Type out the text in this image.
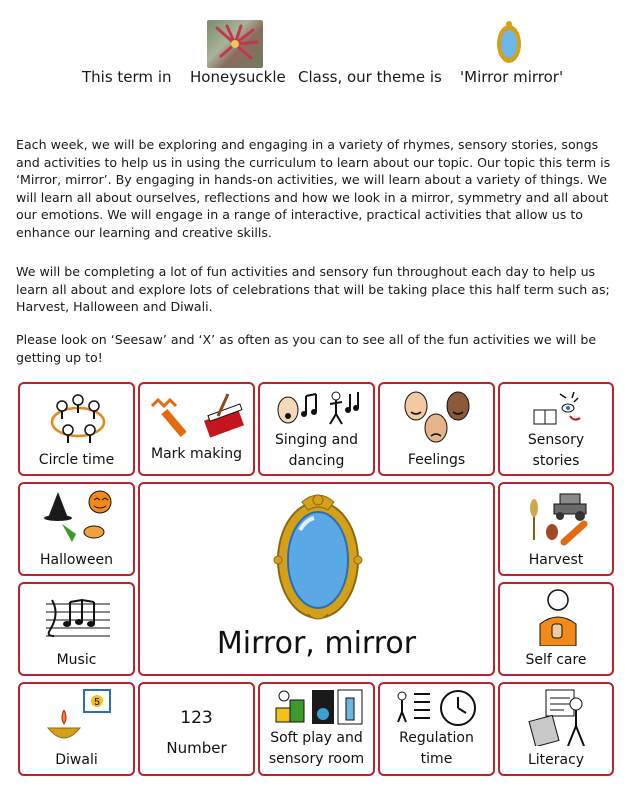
This term in

Honeysuckle

Class, our theme is

'Mirror mirror'

Each week, we will be exploring and engaging in a variety of rhymes, sensory stories, songs and activities to help us in using the curriculum to learn about our topic. Our topic this term is ‘Mirror, mirror’. By engaging in hands-on activities, we will learn about a variety of things. We will learn all about ourselves, reflections and how we look in a mirror, symmetry and all about our emotions. We will engage in a range of interactive, practical activities that allow us to enhance our learning and creative skills.

We will be completing a lot of fun activities and sensory fun throughout each day to help us learn all about and explore lots of celebrations that will be taking place this half term such as; Harvest, Halloween and Diwali.

Please look on ‘Seesaw’ and ‘X’ as often as you can to see all of the fun activities we will be getting up to!

Circle time	Mark making
Singing and
dancing	Feelings
Sensory
stories
Halloween
Mirror, mirror
Harvest
Music	Self care
5
Diwali
123
Number
Soft play and
sensory room
Regulation
time	Literacy
